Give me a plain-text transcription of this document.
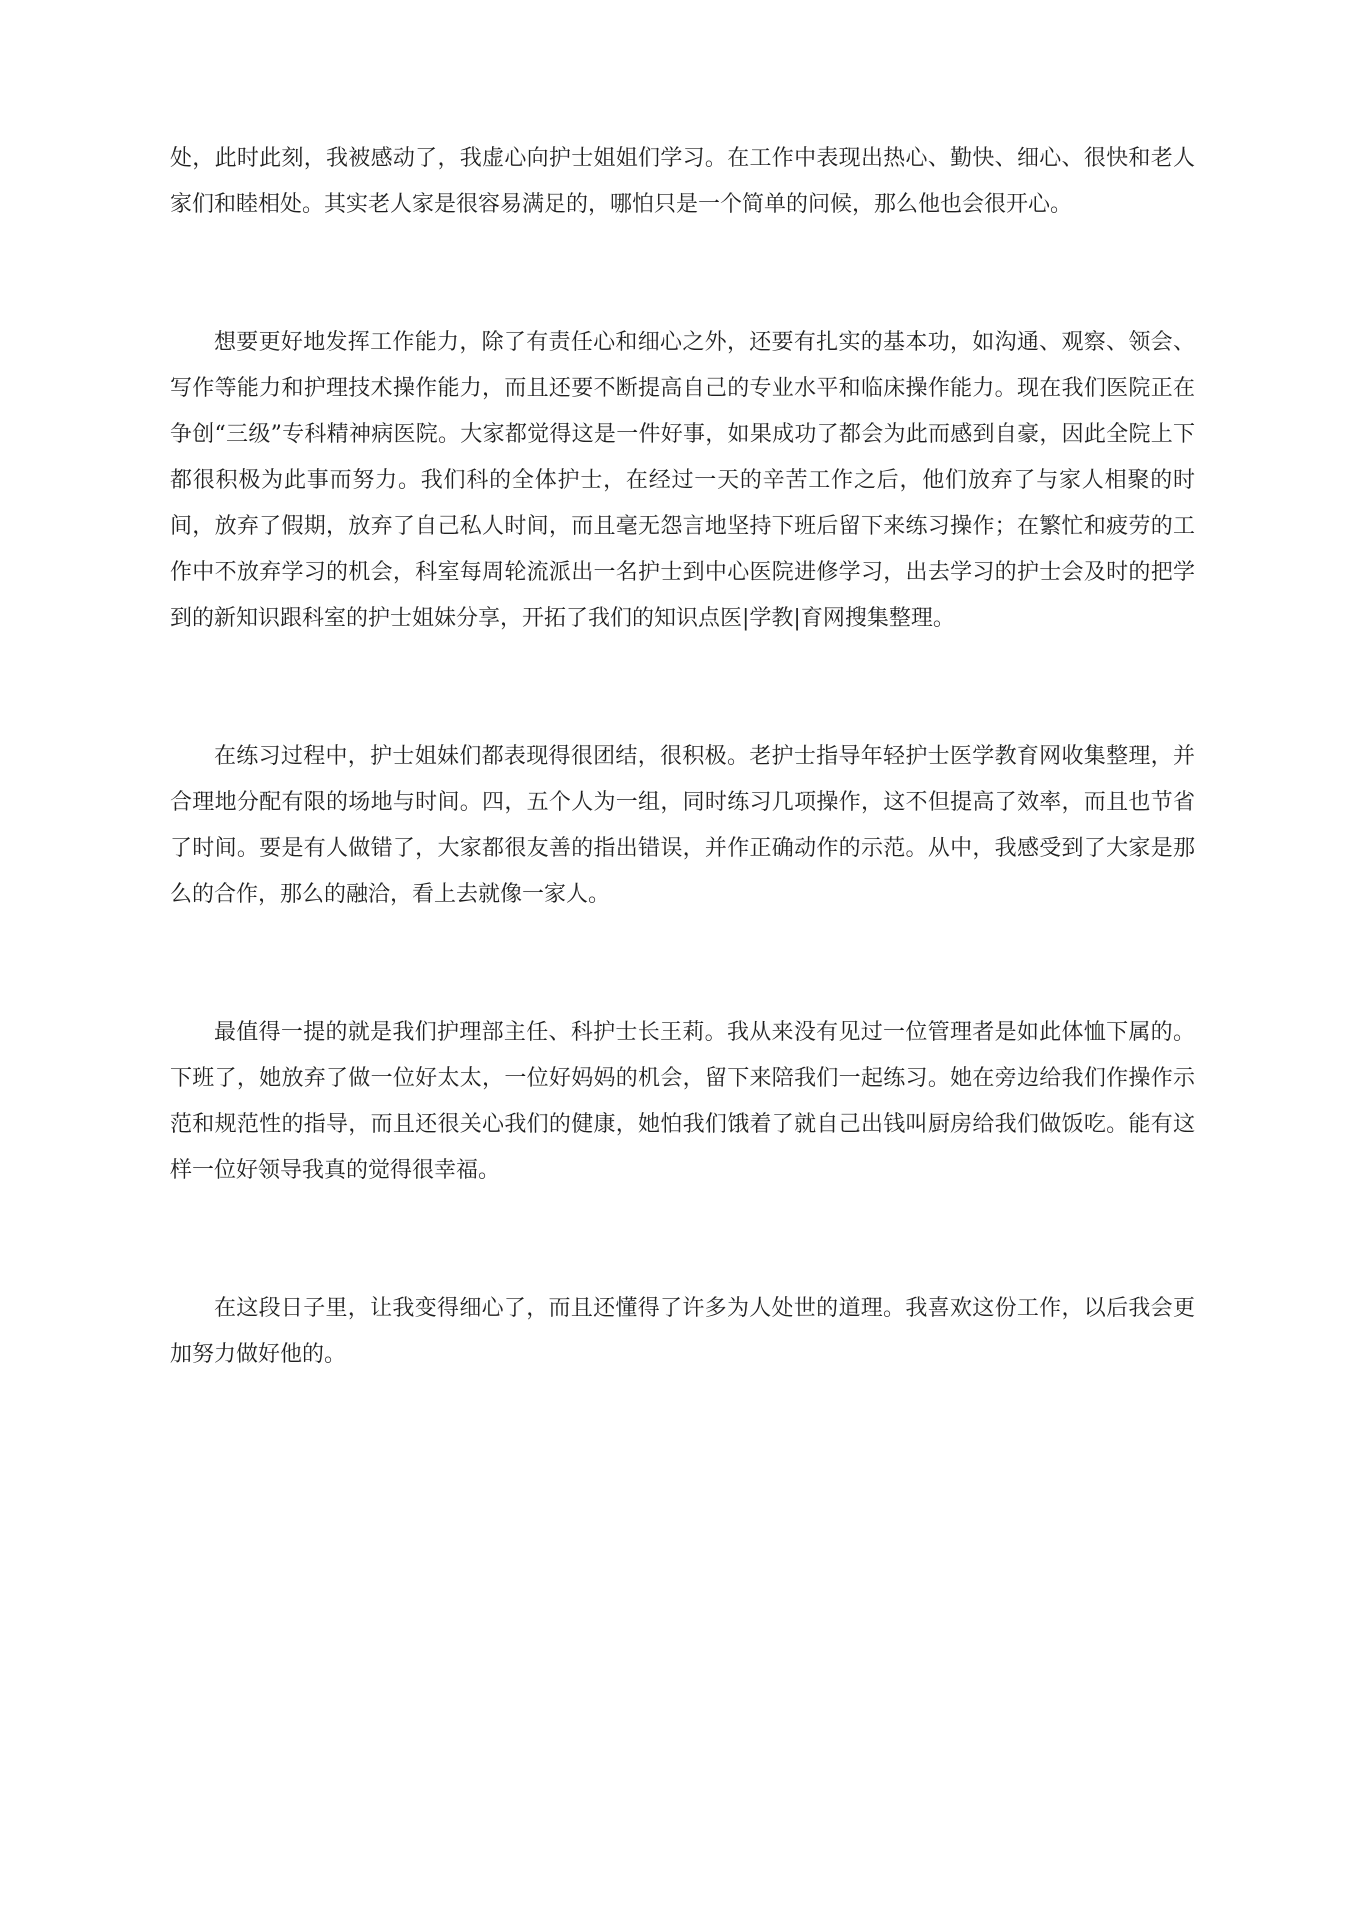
处，此时此刻，我被感动了，我虚心向护士姐姐们学习。在工作中表现出热心、勤快、细心、很快和老人家们和睦相处。其实老人家是很容易满足的，哪怕只是一个简单的问候，那么他也会很开心。

想要更好地发挥工作能力，除了有责任心和细心之外，还要有扎实的基本功，如沟通、观察、领会、写作等能力和护理技术操作能力，而且还要不断提高自己的专业水平和临床操作能力。现在我们医院正在争创“三级”专科精神病医院。大家都觉得这是一件好事，如果成功了都会为此而感到自豪，因此全院上下都很积极为此事而努力。我们科的全体护士，在经过一天的辛苦工作之后，他们放弃了与家人相聚的时间，放弃了假期，放弃了自己私人时间，而且毫无怨言地坚持下班后留下来练习操作；在繁忙和疲劳的工作中不放弃学习的机会，科室每周轮流派出一名护士到中心医院进修学习，出去学习的护士会及时的把学到的新知识跟科室的护士姐妹分享，开拓了我们的知识点医|学教|育网搜集整理。

在练习过程中，护士姐妹们都表现得很团结，很积极。老护士指导年轻护士医学教育网收集整理，并合理地分配有限的场地与时间。四，五个人为一组，同时练习几项操作，这不但提高了效率，而且也节省了时间。要是有人做错了，大家都很友善的指出错误，并作正确动作的示范。从中，我感受到了大家是那么的合作，那么的融洽，看上去就像一家人。

最值得一提的就是我们护理部主任、科护士长王莉。我从来没有见过一位管理者是如此体恤下属的。下班了，她放弃了做一位好太太，一位好妈妈的机会，留下来陪我们一起练习。她在旁边给我们作操作示范和规范性的指导，而且还很关心我们的健康，她怕我们饿着了就自己出钱叫厨房给我们做饭吃。能有这样一位好领导我真的觉得很幸福。

在这段日子里，让我变得细心了，而且还懂得了许多为人处世的道理。我喜欢这份工作，以后我会更加努力做好他的。
